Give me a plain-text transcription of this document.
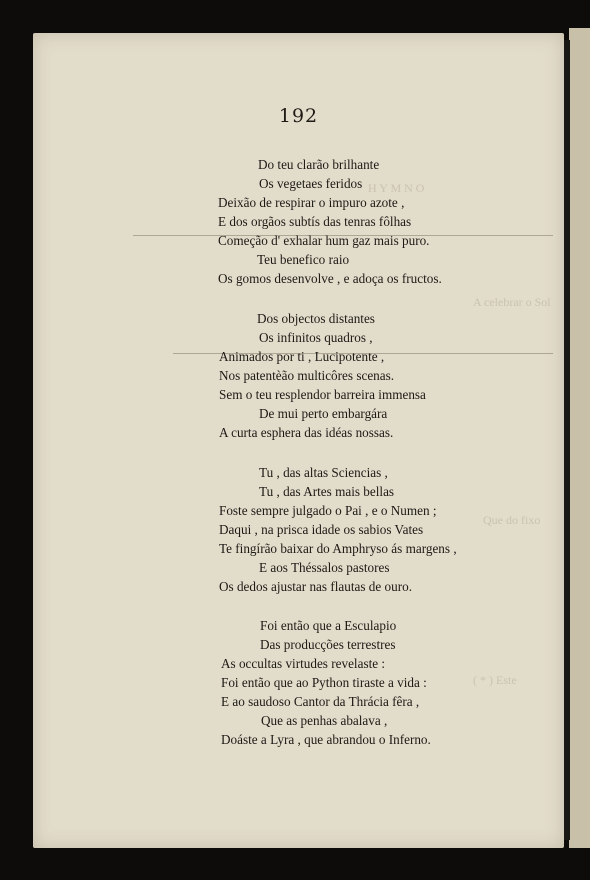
H Y M N O
A celebrar o Sol
Que do fixo
( * ) Este
192
Do teu clarão brilhante
Os vegetaes feridos
Deixão de respirar o impuro azote ,
E dos orgãos subtís das tenras fôlhas
Começão d' exhalar hum gaz mais puro.
Teu benefico raio
Os gomos desenvolve , e adoça os fructos.
Dos objectos distantes
Os infinitos quadros ,
Animados por ti , Lucipotente ,
Nos patentèão multicôres scenas.
Sem o teu resplendor barreira immensa
De mui perto embargára
A curta esphera das idéas nossas.
Tu , das altas Sciencias ,
Tu , das Artes mais bellas
Foste sempre julgado o Pai , e o Numen ;
Daqui , na prisca idade os sabios Vates
Te fingírão baixar do Amphryso ás margens ,
E aos Théssalos pastores
Os dedos ajustar nas flautas de ouro.
Foi então que a Esculapio
Das producções terrestres
As occultas virtudes revelaste :
Foi então que ao Python tiraste a vida :
E ao saudoso Cantor da Thrácia fêra ,
Que as penhas abalava ,
Doáste a Lyra , que abrandou o Inferno.
